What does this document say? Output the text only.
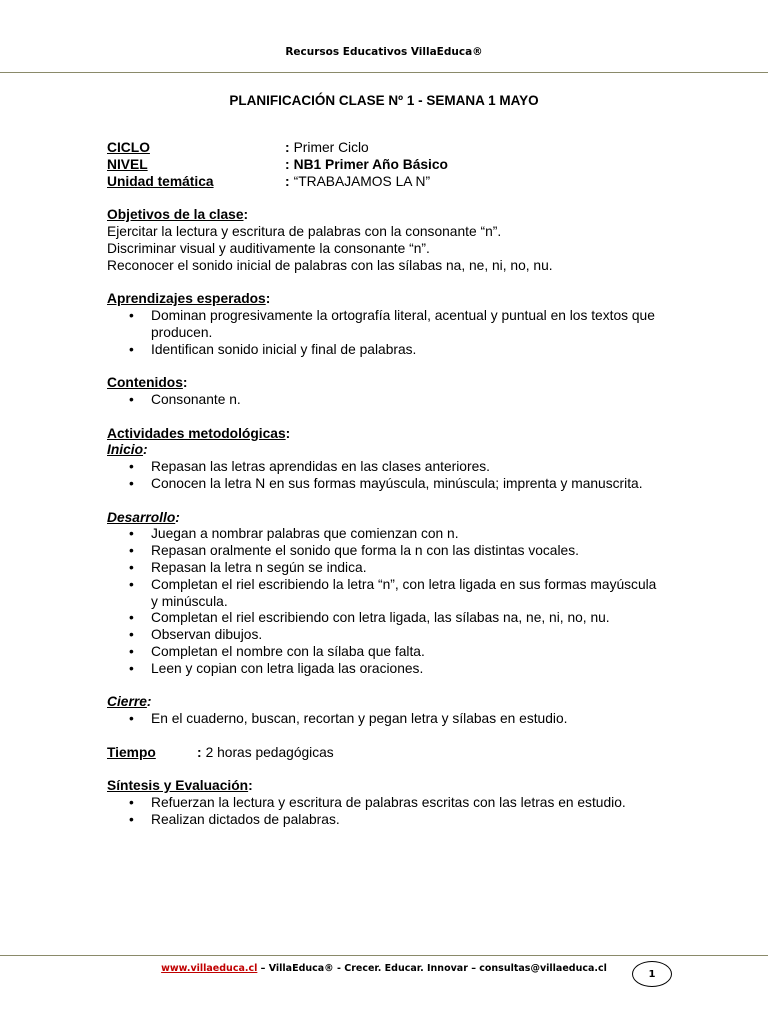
Recursos Educativos VillaEduca®
PLANIFICACIÓN CLASE Nº 1 - SEMANA 1 MAYO
CICLO	: Primer Ciclo
NIVEL	: NB1 Primer Año Básico
Unidad temática	: “TRABAJAMOS LA N”
Objetivos de la clase:
Ejercitar la lectura y escritura de palabras con la consonante “n”.
Discriminar visual y auditivamente la consonante “n”.
Reconocer el sonido inicial de palabras con las sílabas na, ne, ni, no, nu.
Aprendizajes esperados:
• Dominan progresivamente la ortografía literal, acentual y puntual en los textos que producen.
• Identifican sonido inicial y final de palabras.
Contenidos:
• Consonante n.
Actividades metodológicas:
Inicio:
• Repasan las letras aprendidas en las clases anteriores.
• Conocen la letra N en sus formas mayúscula, minúscula; imprenta y manuscrita.
Desarrollo:
• Juegan a nombrar palabras que comienzan con n.
• Repasan oralmente el sonido que forma la n con las distintas vocales.
• Repasan la letra n según se indica.
• Completan el riel escribiendo la letra “n”, con letra ligada en sus formas mayúscula y minúscula.
• Completan el riel escribiendo con letra ligada, las sílabas na, ne, ni, no, nu.
• Observan dibujos.
• Completan el nombre con la sílaba que falta.
• Leen y copian con letra ligada las oraciones.
Cierre:
• En el cuaderno, buscan, recortan y pegan letra y sílabas en estudio.
Tiempo	: 2 horas pedagógicas
Síntesis y Evaluación:
• Refuerzan la lectura y escritura de palabras escritas con las letras en estudio.
• Realizan dictados de palabras.
www.villaeduca.cl – VillaEduca® - Crecer. Educar. Innovar – consultas@villaeduca.cl	1
